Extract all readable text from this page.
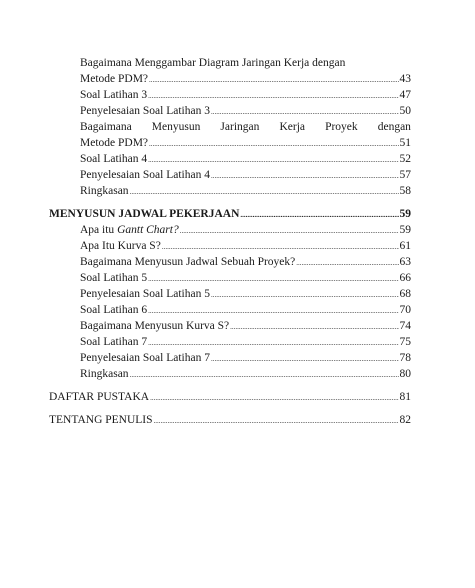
Bagaimana Menggambar Diagram Jaringan Kerja dengan
Metode PDM? .....	43
Soal Latihan 3 .....	47
Penyelesaian Soal Latihan 3 .....	50
Bagaimana Menyusun Jaringan Kerja Proyek dengan
Metode PDM? .....	51
Soal Latihan 4 .....	52
Penyelesaian Soal Latihan 4 .....	57
Ringkasan .....	58
MENYUSUN JADWAL PEKERJAAN .....	59
Apa itu Gantt Chart? .....	59
Apa Itu Kurva S? .....	61
Bagaimana Menyusun Jadwal Sebuah Proyek? .....	63
Soal Latihan 5 .....	66
Penyelesaian Soal Latihan 5 .....	68
Soal Latihan 6 .....	70
Bagaimana Menyusun Kurva S? .....	74
Soal Latihan 7 .....	75
Penyelesaian Soal Latihan 7 .....	78
Ringkasan .....	80
DAFTAR PUSTAKA .....	81
TENTANG PENULIS .....	82
